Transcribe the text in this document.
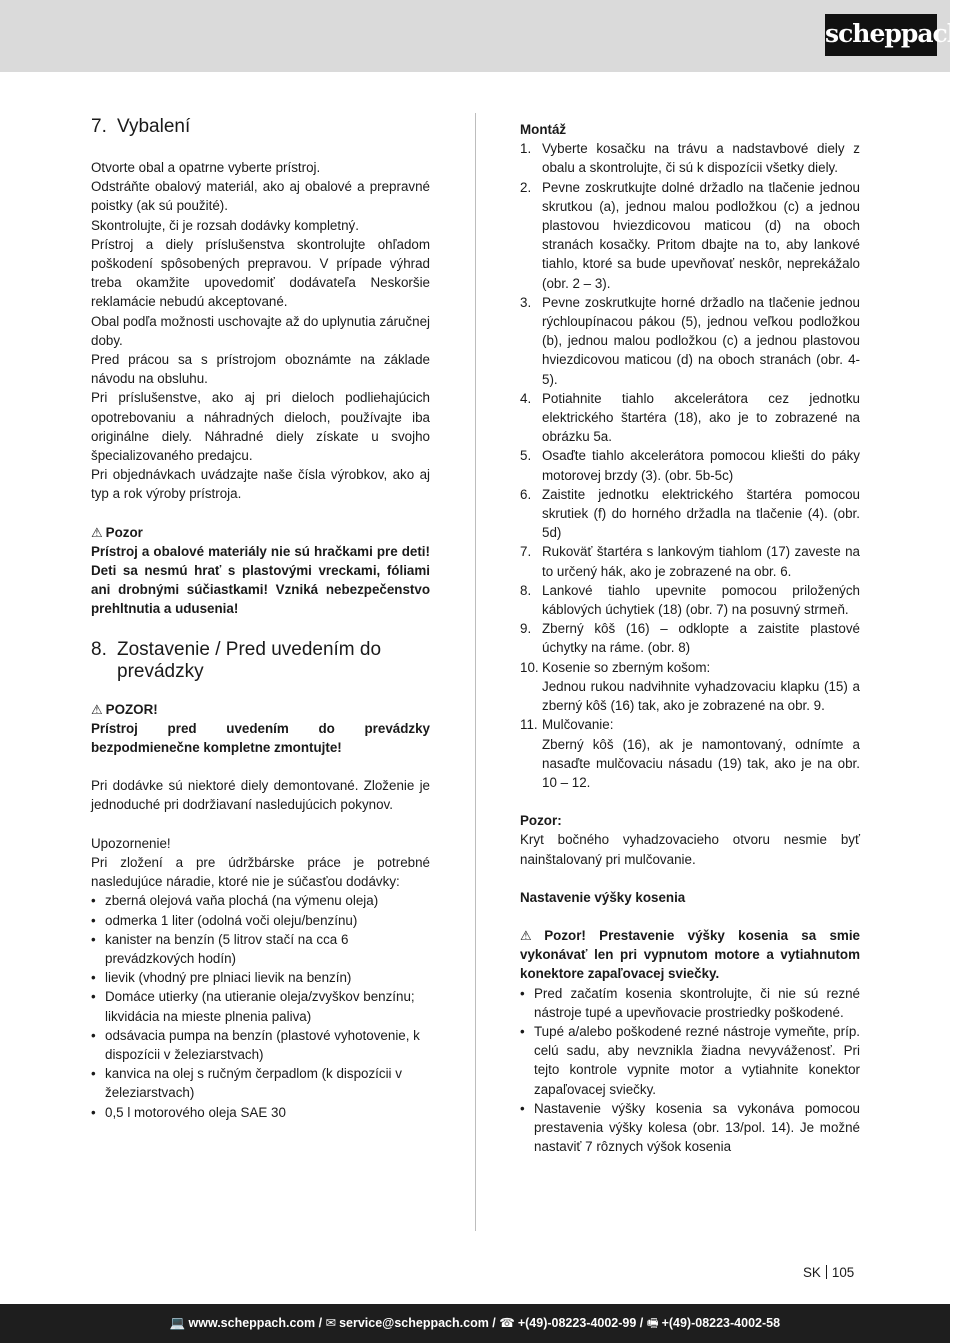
scheppach
7. Vybalení

Otvorte obal a opatrne vyberte prístroj.

Odstráňte obalový materiál, ako aj obalové a prepravné poistky (ak sú použité).

Skontrolujte, či je rozsah dodávky kompletný.

Prístroj a diely príslušenstva skontrolujte ohľadom poškodení spôsobených prepravou. V prípade výhrad treba okamžite upovedomiť dodávateľa Neskoršie reklamácie nebudú akceptované.

Obal podľa možnosti uschovajte až do uplynutia záručnej doby.

Pred prácou sa s prístrojom oboznámte na základe návodu na obsluhu.

Pri príslušenstve, ako aj pri dieloch podliehajúcich opotrebovaniu a náhradných dieloch, používajte iba originálne diely. Náhradné diely získate u svojho špecializovaného predajcu.

Pri objednávkach uvádzajte naše čísla výrobkov, ako aj typ a rok výroby prístroja.

⚠ Pozor

Prístroj a obalové materiály nie sú hračkami pre deti! Deti sa nesmú hrať s plastovými vreckami, fóliami ani drobnými súčiastkami! Vzniká nebezpečenstvo prehltnutia a udusenia!

8. Zostavenie / Pred uvedením do prevádzky

⚠ POZOR!

Prístroj pred uvedením do prevádzky bezpodmienečne kompletne zmontujte!

Pri dodávke sú niektoré diely demontované. Zloženie je jednoduché pri dodržiavaní nasledujúcich pokynov.

Upozornenie!

Pri zložení a pre údržbárske práce je potrebné nasledujúce náradie, ktoré nie je súčasťou dodávky:

• zberná olejová vaňa plochá (na výmenu oleja)
• odmerka 1 liter (odolná voči oleju/benzínu)
• kanister na benzín (5 litrov stačí na cca 6 prevádzkových hodín)
• lievik (vhodný pre plniaci lievik na benzín)
• Domáce utierky (na utieranie oleja/zvyškov benzínu; likvidácia na mieste plnenia paliva)
• odsávacia pumpa na benzín (plastové vyhotovenie, k dispozícii v železiarstvach)
• kanvica na olej s ručným čerpadlom (k dispozícii v železiarstvach)
• 0,5 l motorového oleja SAE 30

Montáž

1. Vyberte kosačku na trávu a nadstavbové diely z obalu a skontrolujte, či sú k dispozícii všetky diely.
2. Pevne zoskrutkujte dolné držadlo na tlačenie jednou skrutkou (a), jednou malou podložkou (c) a jednou plastovou hviezdicovou maticou (d) na oboch stranách kosačky. Pritom dbajte na to, aby lankové tiahlo, ktoré sa bude upevňovať neskôr, neprekážalo (obr. 2 – 3).
3. Pevne zoskrutkujte horné držadlo na tlačenie jednou rýchloupínacou pákou (5), jednou veľkou podložkou (b), jednou malou podložkou (c) a jednou plastovou hviezdicovou maticou (d) na oboch stranách (obr. 4-5).
4. Potiahnite tiahlo akcelerátora cez jednotku elektrického štartéra (18), ako je to zobrazené na obrázku 5a.
5. Osaďte tiahlo akcelerátora pomocou kliešti do páky motorovej brzdy (3). (obr. 5b-5c)
6. Zaistite jednotku elektrického štartéra pomocou skrutiek (f) do horného držadla na tlačenie (4). (obr. 5d)
7. Rukoväť štartéra s lankovým tiahlom (17) zaveste na to určený hák, ako je zobrazené na obr. 6.
8. Lankové tiahlo upevnite pomocou priložených káblových úchytiek (18) (obr. 7) na posuvný strmeň.
9. Zberný kôš (16) – odklopte a zaistite plastové úchytky na ráme. (obr. 8)
10. Kosenie so zberným košom:
Jednou rukou nadvihnite vyhadzovaciu klapku (15) a zberný kôš (16) tak, ako je zobrazené na obr. 9.
11. Mulčovanie:
Zberný kôš (16), ak je namontovaný, odnímte a nasaďte mulčovaciu násadu (19) tak, ako je na obr. 10 – 12.

Pozor:

Kryt bočného vyhadzovacieho otvoru nesmie byť nainštalovaný pri mulčovanie.

Nastavenie výšky kosenia

⚠ Pozor! Prestavenie výšky kosenia sa smie vykonávať len pri vypnutom motore a vytiahnutom konektore zapaľovacej sviečky.

• Pred začatím kosenia skontrolujte, či nie sú rezné nástroje tupé a upevňovacie prostriedky poškodené.
• Tupé a/alebo poškodené rezné nástroje vymeňte, príp. celú sadu, aby nevznikla žiadna nevyváženosť. Pri tejto kontrole vypnite motor a vytiahnite konektor zapaľovacej sviečky.
• Nastavenie výšky kosenia sa vykonáva pomocou prestavenia výšky kolesa (obr. 13/pol. 14). Je možné nastaviť 7 rôznych výšok kosenia
SK 105
💻 www.scheppach.com / ✉ service@scheppach.com / ☎ +(49)-08223-4002-99 / 🖷 +(49)-08223-4002-58
